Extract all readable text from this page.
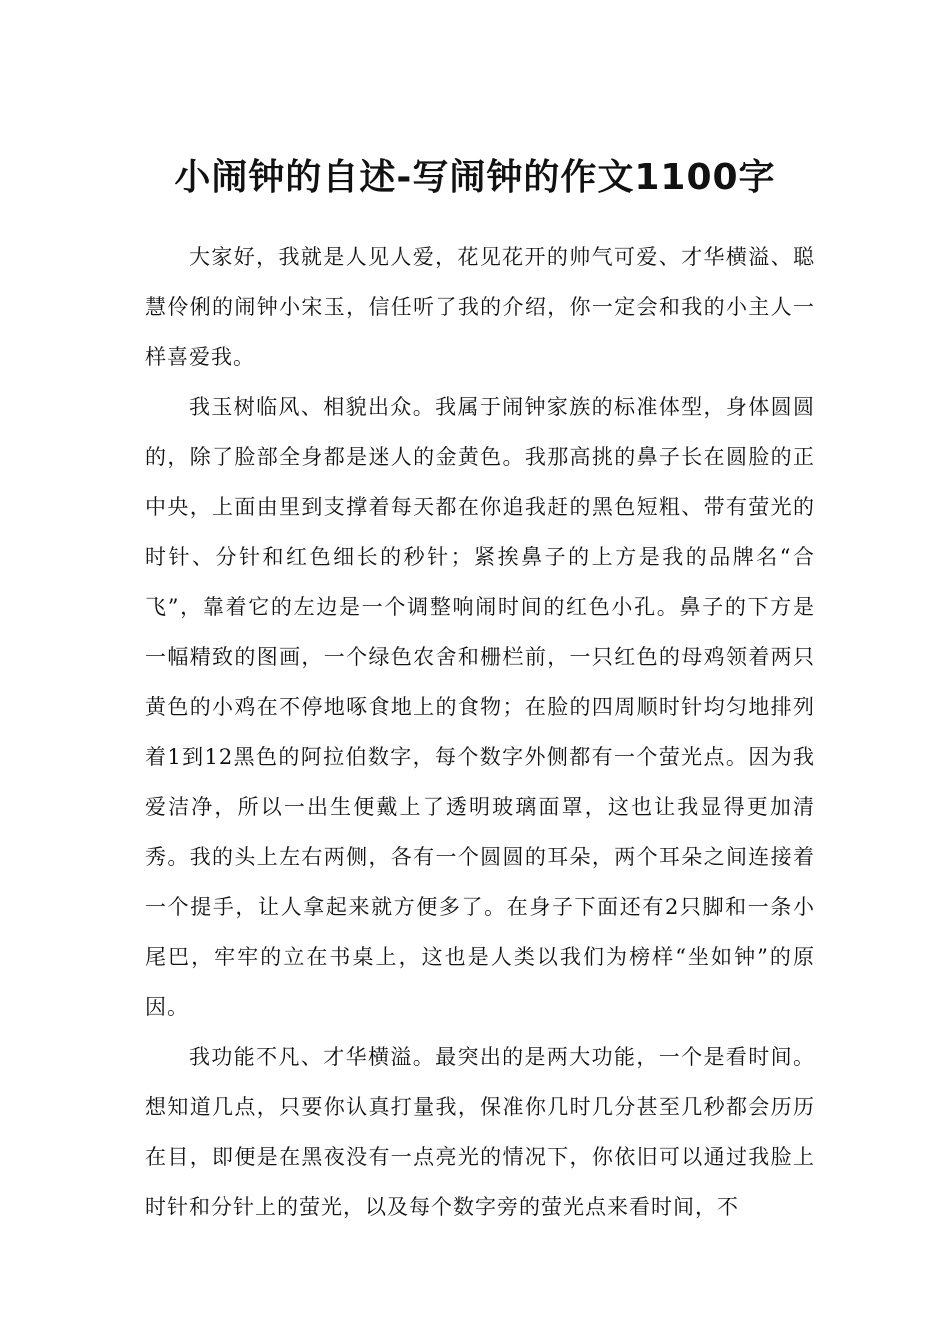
小闹钟的自述-写闹钟的作文1100字

大家好，我就是人见人爱，花见花开的帅气可爱、才华横溢、聪慧伶俐的闹钟小宋玉，信任听了我的介绍，你一定会和我的小主人一样喜爱我。

我玉树临风、相貌出众。我属于闹钟家族的标准体型，身体圆圆的，除了脸部全身都是迷人的金黄色。我那高挑的鼻子长在圆脸的正中央，上面由里到支撑着每天都在你追我赶的黑色短粗、带有萤光的时针、分针和红色细长的秒针；紧挨鼻子的上方是我的品牌名“合飞”，靠着它的左边是一个调整响闹时间的红色小孔。鼻子的下方是一幅精致的图画，一个绿色农舍和栅栏前，一只红色的母鸡领着两只黄色的小鸡在不停地啄食地上的食物；在脸的四周顺时针均匀地排列着1到12黑色的阿拉伯数字，每个数字外侧都有一个萤光点。因为我爱洁净，所以一出生便戴上了透明玻璃面罩，这也让我显得更加清秀。我的头上左右两侧，各有一个圆圆的耳朵，两个耳朵之间连接着一个提手，让人拿起来就方便多了。在身子下面还有2只脚和一条小尾巴，牢牢的立在书桌上，这也是人类以我们为榜样“坐如钟”的原因。

我功能不凡、才华横溢。最突出的是两大功能，一个是看时间。想知道几点，只要你认真打量我，保准你几时几分甚至几秒都会历历在目，即便是在黑夜没有一点亮光的情况下，你依旧可以通过我脸上时针和分针上的萤光，以及每个数字旁的萤光点来看时间，不
